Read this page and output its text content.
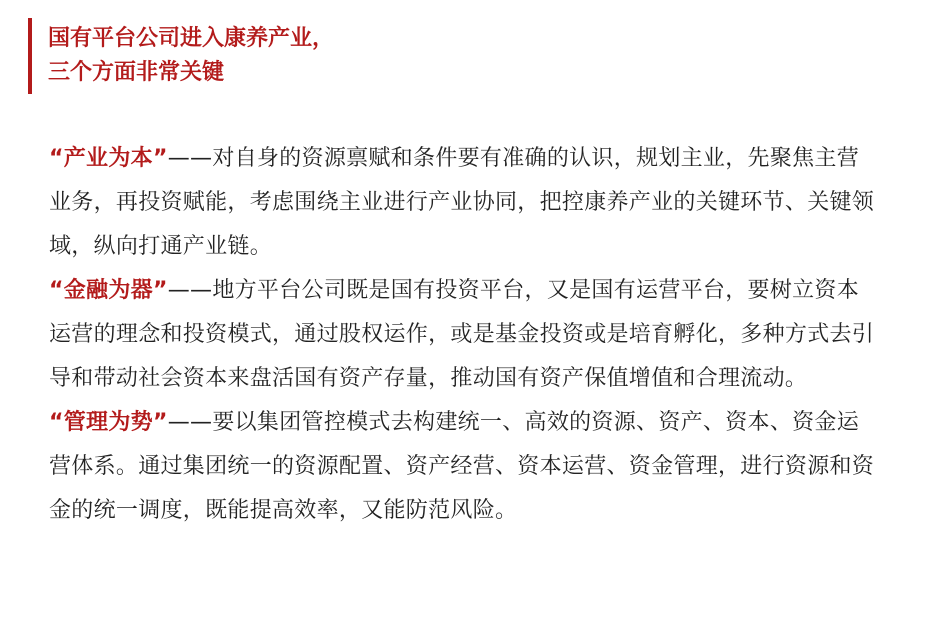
国有平台公司进入康养产业，
三个方面非常关键

“产业为本”——对自身的资源禀赋和条件要有准确的认识，规划主业，先聚焦主营业务，再投资赋能，考虑围绕主业进行产业协同，把控康养产业的关键环节、关键领域，纵向打通产业链。

“金融为器”——地方平台公司既是国有投资平台，又是国有运营平台，要树立资本运营的理念和投资模式，通过股权运作，或是基金投资或是培育孵化，多种方式去引导和带动社会资本来盘活国有资产存量，推动国有资产保值增值和合理流动。

“管理为势”——要以集团管控模式去构建统一、高效的资源、资产、资本、资金运营体系。通过集团统一的资源配置、资产经营、资本运营、资金管理，进行资源和资金的统一调度，既能提高效率，又能防范风险。
